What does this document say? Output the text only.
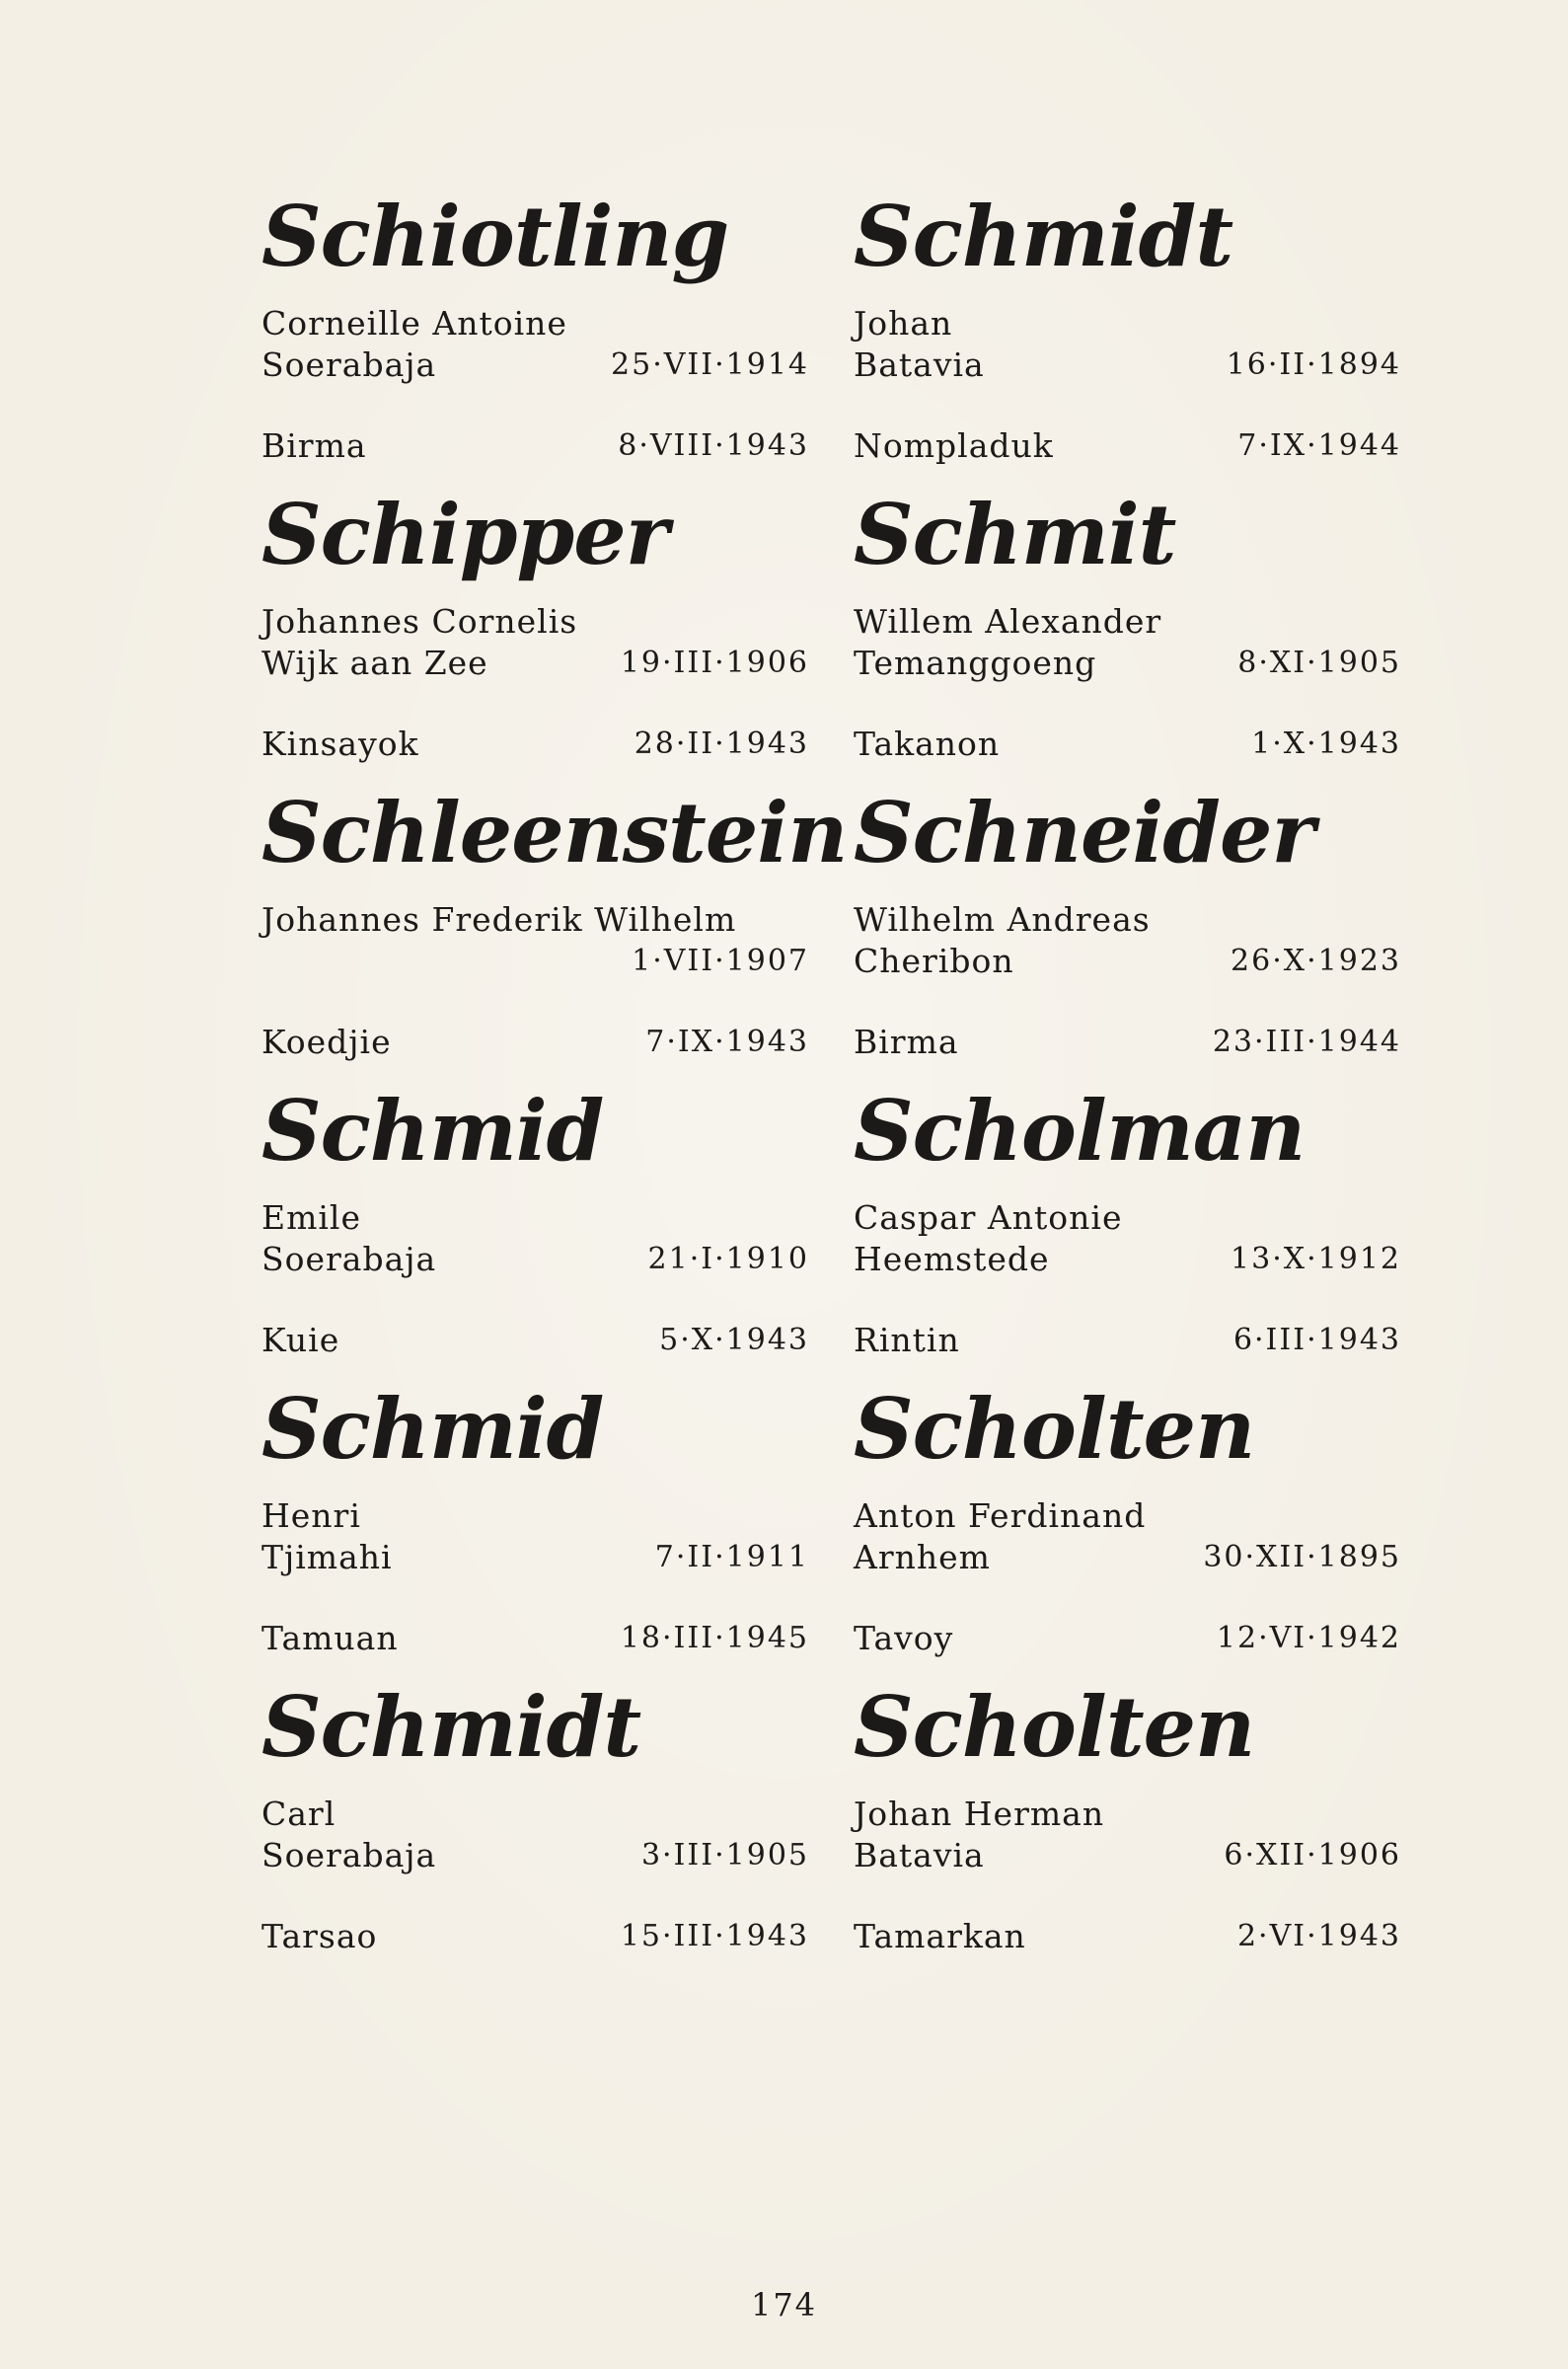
Schiotling
Corneille Antoine
Soerabaja	25·VII·1914
Birma	8·VIII·1943
Schipper
Johannes Cornelis
Wijk aan Zee	19·III·1906
Kinsayok	28·II·1943
Schleenstein
Johannes Frederik Wilhelm
1·VII·1907
Koedjie	7·IX·1943
Schmid
Emile
Soerabaja	21·I·1910
Kuie	5·X·1943
Schmid
Henri
Tjimahi	7·II·1911
Tamuan	18·III·1945
Schmidt
Carl
Soerabaja	3·III·1905
Tarsao	15·III·1943
Schmidt
Johan
Batavia	16·II·1894
Nompladuk	7·IX·1944
Schmit
Willem Alexander
Temanggoeng	8·XI·1905
Takanon	1·X·1943
Schneider
Wilhelm Andreas
Cheribon	26·X·1923
Birma	23·III·1944
Scholman
Caspar Antonie
Heemstede	13·X·1912
Rintin	6·III·1943
Scholten
Anton Ferdinand
Arnhem	30·XII·1895
Tavoy	12·VI·1942
Scholten
Johan Herman
Batavia	6·XII·1906
Tamarkan	2·VI·1943
174
